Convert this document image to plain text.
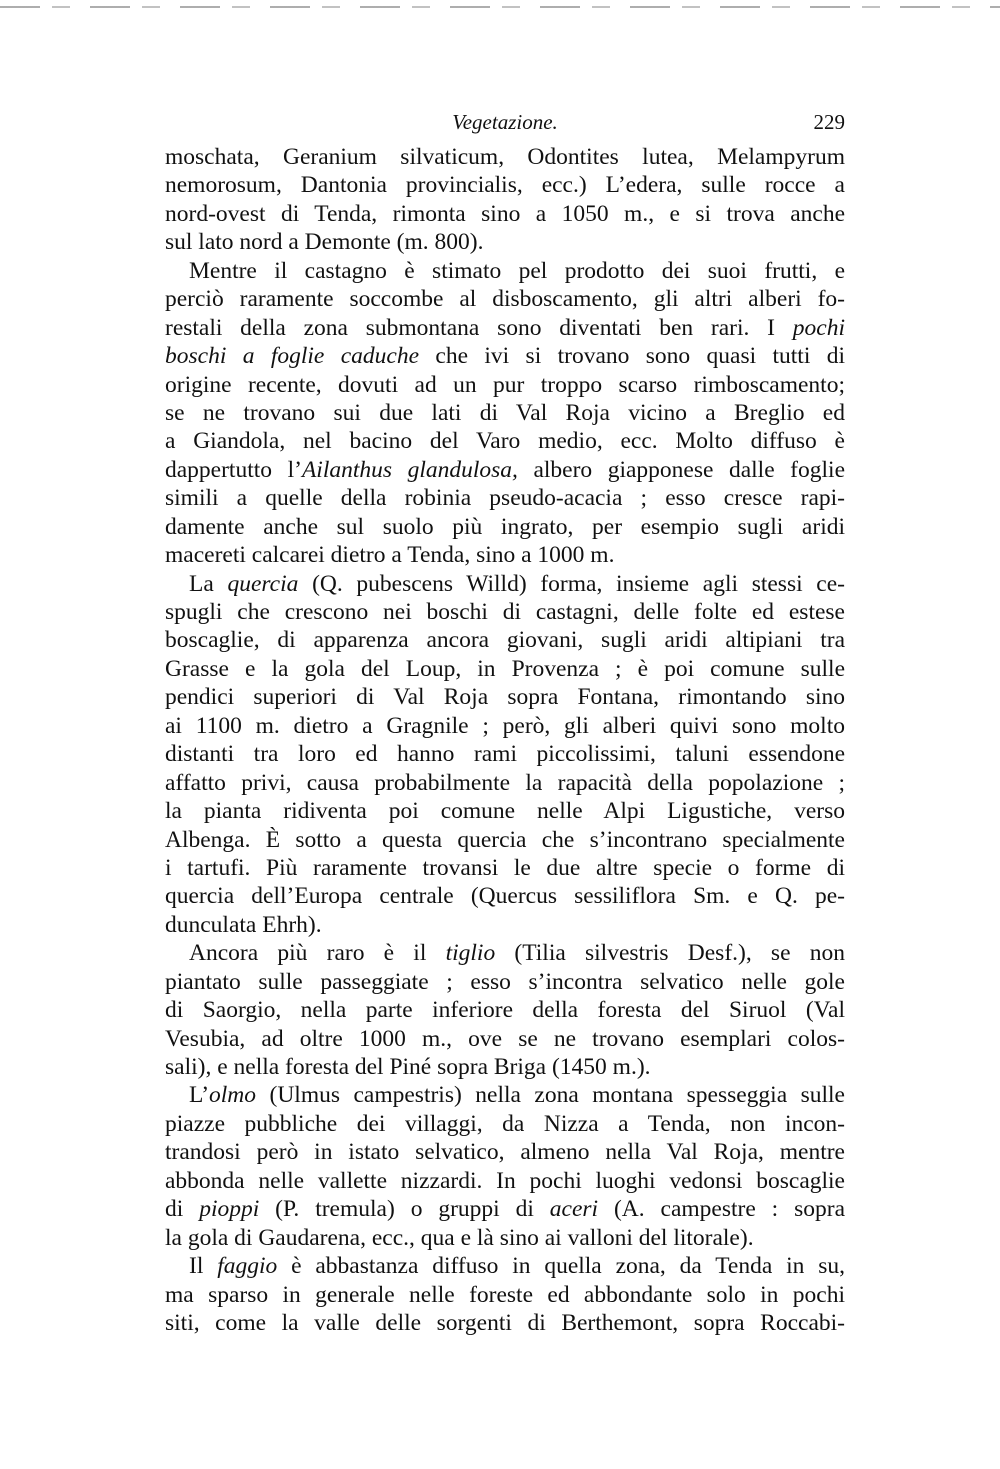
Vegetazione.	229
moschata, Geranium silvaticum, Odontites lutea, Melampyrum
nemorosum, Dantonia provincialis, ecc.) L’edera, sulle rocce a
nord-ovest di Tenda, rimonta sino a 1050 m., e si trova anche
sul lato nord a Demonte (m. 800).
Mentre il castagno è stimato pel prodotto dei suoi frutti, e
perciò raramente soccombe al disboscamento, gli altri alberi fo-
restali della zona submontana sono diventati ben rari. I pochi
boschi a foglie caduche che ivi si trovano sono quasi tutti di
origine recente, dovuti ad un pur troppo scarso rimboscamento;
se ne trovano sui due lati di Val Roja vicino a Breglio ed
a Giandola, nel bacino del Varo medio, ecc. Molto diffuso è
dappertutto l’Ailanthus glandulosa, albero giapponese dalle foglie
simili a quelle della robinia pseudo-acacia ; esso cresce rapi-
damente anche sul suolo più ingrato, per esempio sugli aridi
macereti calcarei dietro a Tenda, sino a 1000 m.
La quercia (Q. pubescens Willd) forma, insieme agli stessi ce-
spugli che crescono nei boschi di castagni, delle folte ed estese
boscaglie, di apparenza ancora giovani, sugli aridi altipiani tra
Grasse e la gola del Loup, in Provenza ; è poi comune sulle
pendici superiori di Val Roja sopra Fontana, rimontando sino
ai 1100 m. dietro a Gragnile ; però, gli alberi quivi sono molto
distanti tra loro ed hanno rami piccolissimi, taluni essendone
affatto privi, causa probabilmente la rapacità della popolazione ;
la pianta ridiventa poi comune nelle Alpi Ligustiche, verso
Albenga. È sotto a questa quercia che s’incontrano specialmente
i tartufi. Più raramente trovansi le due altre specie o forme di
quercia dell’Europa centrale (Quercus sessiliflora Sm. e Q. pe-
dunculata Ehrh).
Ancora più raro è il tiglio (Tilia silvestris Desf.), se non
piantato sulle passeggiate ; esso s’incontra selvatico nelle gole
di Saorgio, nella parte inferiore della foresta del Siruol (Val
Vesubia, ad oltre 1000 m., ove se ne trovano esemplari colos-
sali), e nella foresta del Piné sopra Briga (1450 m.).
L’olmo (Ulmus campestris) nella zona montana spesseggia sulle
piazze pubbliche dei villaggi, da Nizza a Tenda, non incon-
trandosi però in istato selvatico, almeno nella Val Roja, mentre
abbonda nelle vallette nizzardi. In pochi luoghi vedonsi boscaglie
di pioppi (P. tremula) o gruppi di aceri (A. campestre : sopra
la gola di Gaudarena, ecc., qua e là sino ai valloni del litorale).
Il faggio è abbastanza diffuso in quella zona, da Tenda in su,
ma sparso in generale nelle foreste ed abbondante solo in pochi
siti, come la valle delle sorgenti di Berthemont, sopra Roccabi-
